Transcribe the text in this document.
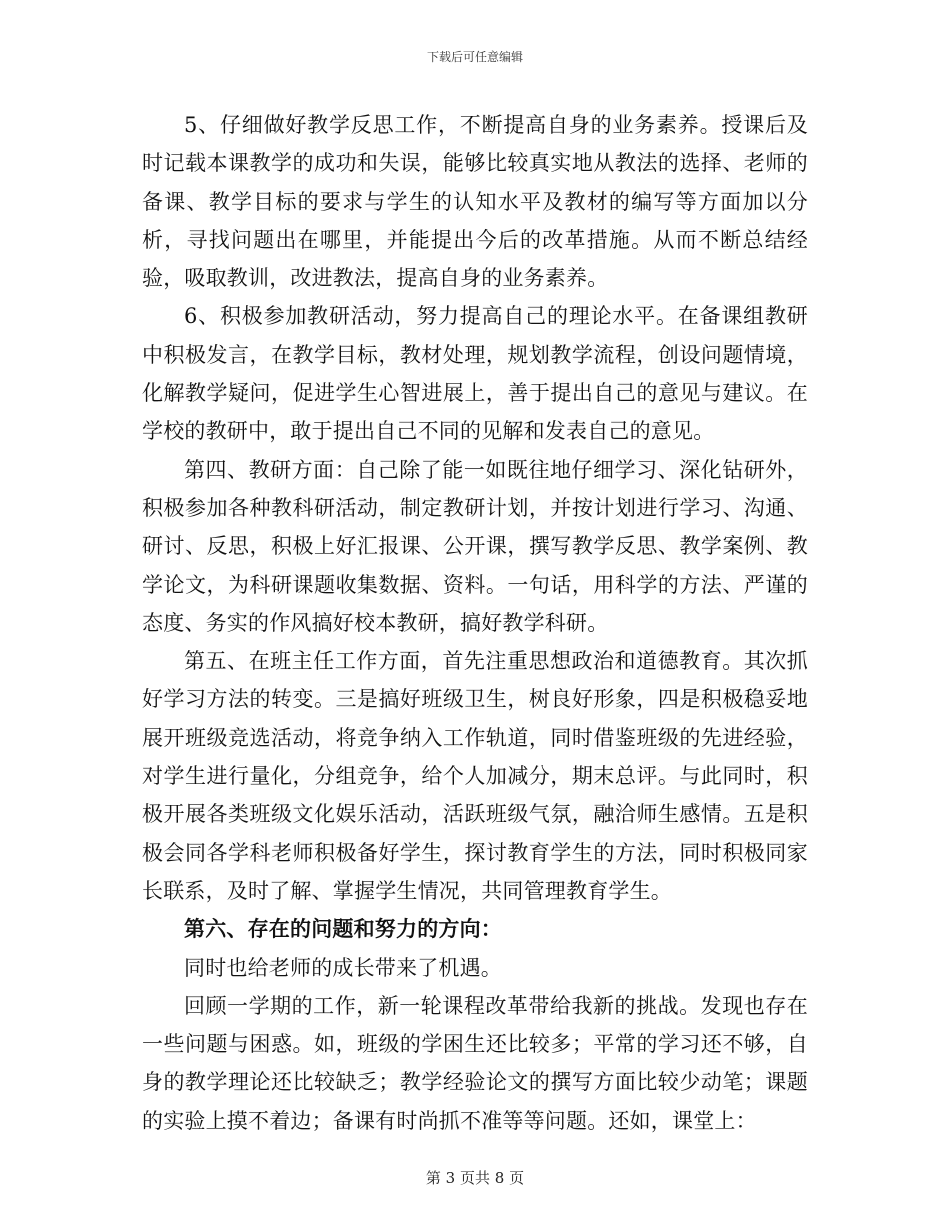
下载后可任意编辑

5、仔细做好教学反思工作，不断提高自身的业务素养。授课后及时记载本课教学的成功和失误，能够比较真实地从教法的选择、老师的备课、教学目标的要求与学生的认知水平及教材的编写等方面加以分析，寻找问题出在哪里，并能提出今后的改革措施。从而不断总结经验，吸取教训，改进教法，提高自身的业务素养。

6、积极参加教研活动，努力提高自己的理论水平。在备课组教研中积极发言，在教学目标，教材处理，规划教学流程，创设问题情境，化解教学疑问，促进学生心智进展上，善于提出自己的意见与建议。在学校的教研中，敢于提出自己不同的见解和发表自己的意见。

第四、教研方面：自己除了能一如既往地仔细学习、深化钻研外，积极参加各种教科研活动，制定教研计划，并按计划进行学习、沟通、研讨、反思，积极上好汇报课、公开课，撰写教学反思、教学案例、教学论文，为科研课题收集数据、资料。一句话，用科学的方法、严谨的态度、务实的作风搞好校本教研，搞好教学科研。

第五、在班主任工作方面，首先注重思想政治和道德教育。其次抓好学习方法的转变。三是搞好班级卫生，树良好形象，四是积极稳妥地展开班级竞选活动，将竞争纳入工作轨道，同时借鉴班级的先进经验，对学生进行量化，分组竞争，给个人加减分，期末总评。与此同时，积极开展各类班级文化娱乐活动，活跃班级气氛，融洽师生感情。五是积极会同各学科老师积极备好学生，探讨教育学生的方法，同时积极同家长联系，及时了解、掌握学生情况，共同管理教育学生。

第六、存在的问题和努力的方向：

同时也给老师的成长带来了机遇。

回顾一学期的工作，新一轮课程改革带给我新的挑战。发现也存在一些问题与困惑。如，班级的学困生还比较多；平常的学习还不够，自身的教学理论还比较缺乏；教学经验论文的撰写方面比较少动笔；课题的实验上摸不着边；备课有时尚抓不准等等问题。还如，课堂上：

第 3 页共 8 页
